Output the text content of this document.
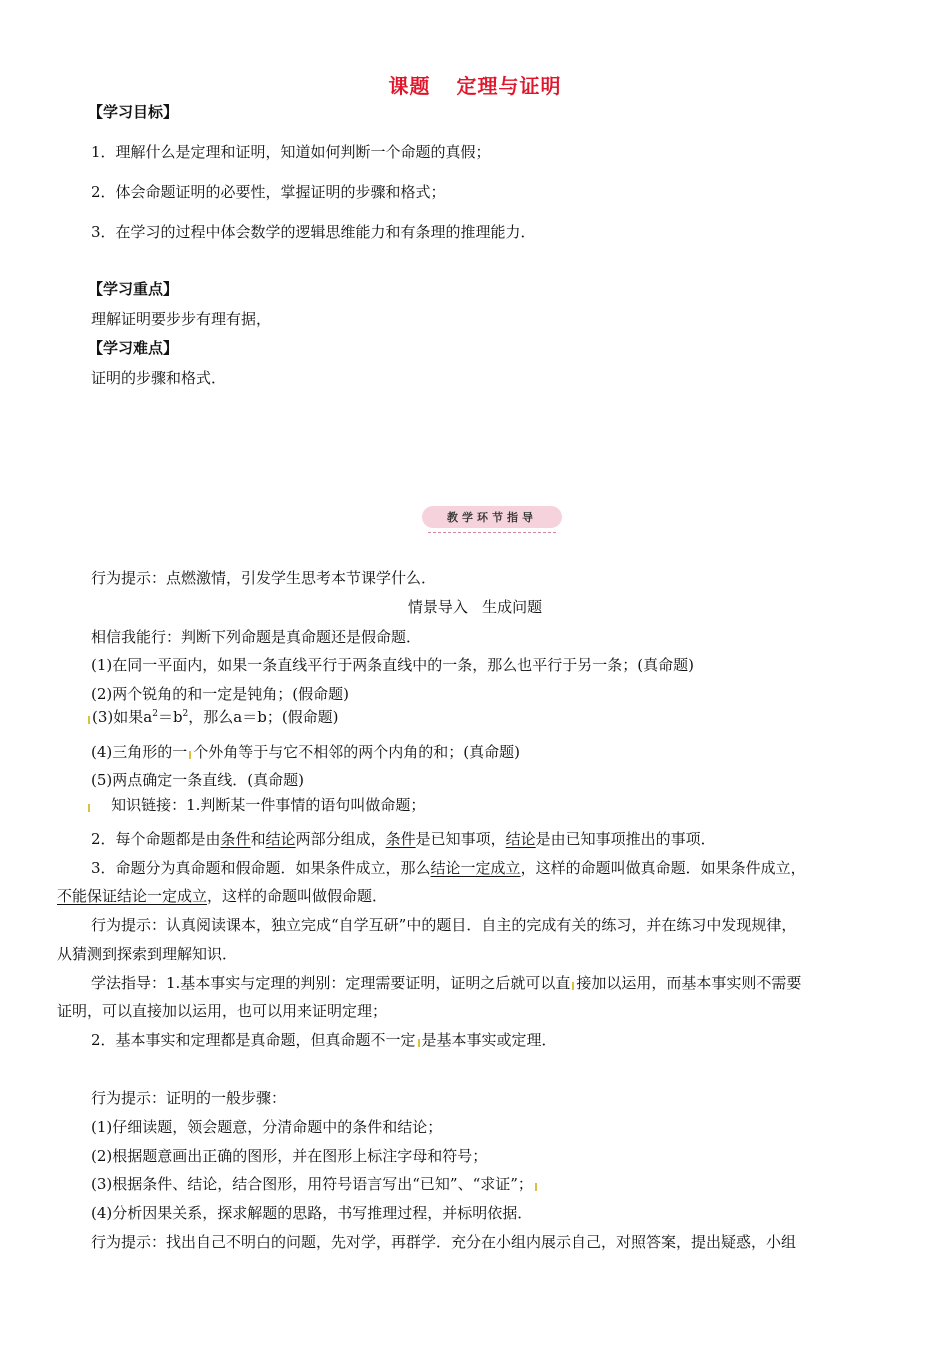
课题 定理与证明
【学习目标】
1．理解什么是定理和证明，知道如何判断一个命题的真假；
2．体会命题证明的必要性，掌握证明的步骤和格式；
3．在学习的过程中体会数学的逻辑思维能力和有条理的推理能力．
【学习重点】
理解证明要步步有理有据，
【学习难点】
证明的步骤和格式．
教学环节指导
行为提示：点燃激情，引发学生思考本节课学什么．
情景导入 生成问题
相信我能行：判断下列命题是真命题还是假命题．
(1)在同一平面内，如果一条直线平行于两条直线中的一条，那么也平行于另一条；(真命题)
(2)两个锐角的和一定是钝角；(假命题)
(3)如果$a^2=b^2$，那么a＝b；(假命题)
(4)三角形的一 个外角等于与它不相邻的两个内角的和；(真命题)
(5)两点确定一条直线．(真命题)
知识链接：1.判断某一件事情的语句叫做命题；
2．每个命题都是由条件和结论两部分组成，条件是已知事项，结论是由已知事项推出的事项．
3．命题分为真命题和假命题．如果条件成立，那么结论一定成立，这样的命题叫做真命题．如果条件成立，
不能保证结论一定成立，这样的命题叫做假命题．
行为提示：认真阅读课本，独立完成“自学互研”中的题目．自主的完成有关的练习，并在练习中发现规律，
从猜测到探索到理解知识．
学法指导：1.基本事实与定理的判别：定理需要证明，证明之后就可以直 接加以运用，而基本事实则不需要
证明，可以直接加以运用，也可以用来证明定理；
2．基本事实和定理都是真命题，但真命题不一定 是基本事实或定理．
行为提示：证明的一般步骤：
(1)仔细读题，领会题意，分清命题中的条件和结论；
(2)根据题意画出正确的图形，并在图形上标注字母和符号；
(3)根据条件、结论，结合图形，用符号语言写出“已知”、“求证”；
(4)分析因果关系，探求解题的思路，书写推理过程，并标明依据．
行为提示：找出自己不明白的问题，先对学，再群学．充分在小组内展示自己，对照答案，提出疑惑，小组
